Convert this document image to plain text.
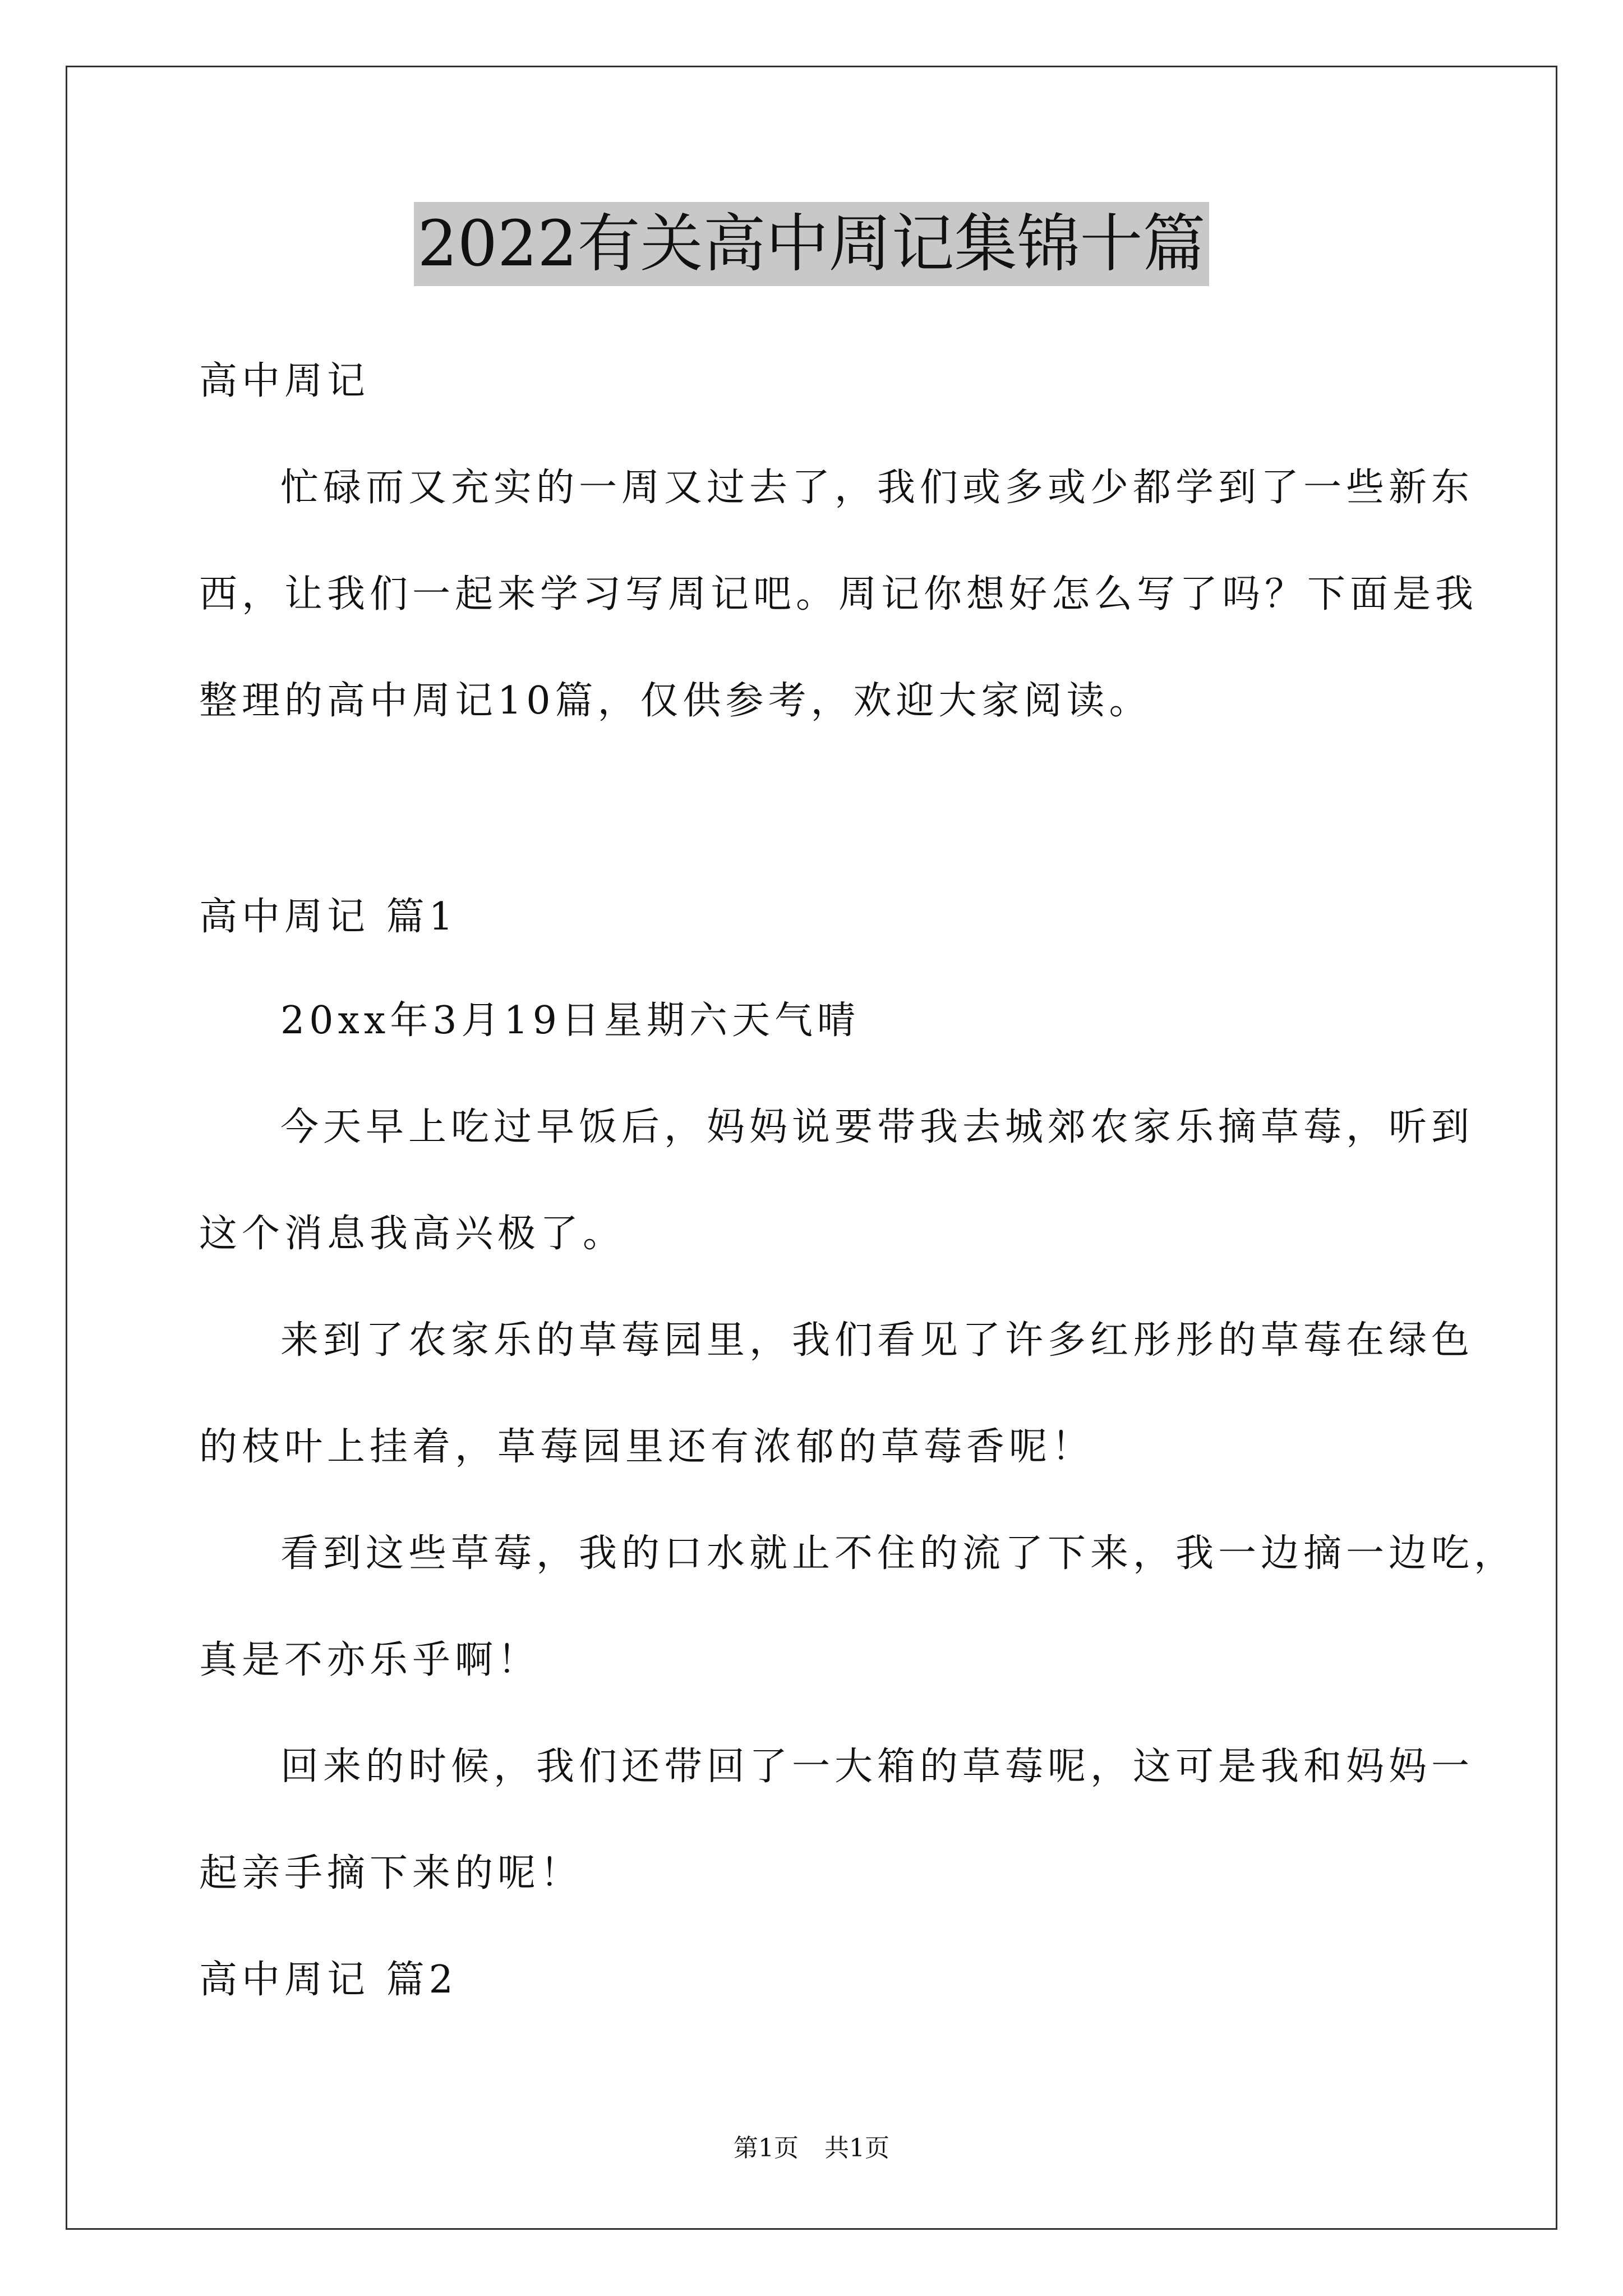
2022有关高中周记集锦十篇
高中周记
忙碌而又充实的一周又过去了，我们或多或少都学到了一些新东
西，让我们一起来学习写周记吧。周记你想好怎么写了吗？下面是我
整理的高中周记10篇，仅供参考，欢迎大家阅读。
高中周记 篇1
20xx年3月19日星期六天气晴
今天早上吃过早饭后，妈妈说要带我去城郊农家乐摘草莓，听到
这个消息我高兴极了。
来到了农家乐的草莓园里，我们看见了许多红彤彤的草莓在绿色
的枝叶上挂着，草莓园里还有浓郁的草莓香呢！
看到这些草莓，我的口水就止不住的流了下来，我一边摘一边吃，
真是不亦乐乎啊！
回来的时候，我们还带回了一大箱的草莓呢，这可是我和妈妈一
起亲手摘下来的呢！
高中周记 篇2
第1页 共1页
